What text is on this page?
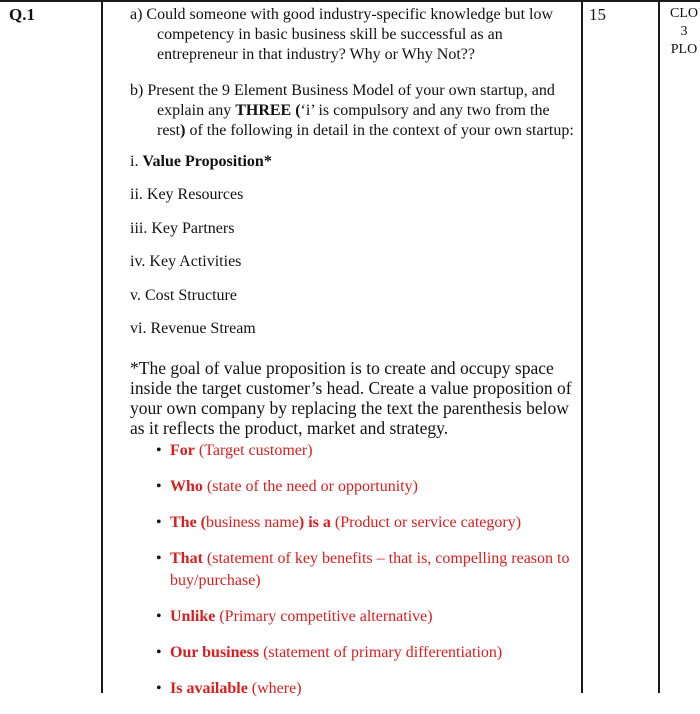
Q.1	15	CLO
3
PLO

a) Could someone with good industry-specific knowledge but low competency in basic business skill be successful as an entrepreneur in that industry? Why or Why Not??

b) Present the 9 Element Business Model of your own startup, and explain any THREE (‘i’ is compulsory and any two from the rest) of the following in detail in the context of your own startup:

i. Value Proposition*
ii. Key Resources
iii. Key Partners
iv. Key Activities
v. Cost Structure
vi. Revenue Stream
*The goal of value proposition is to create and occupy space inside the target customer’s head. Create a value proposition of your own company by replacing the text the parenthesis below as it reflects the product, market and strategy.
• For (Target customer)
• Who (state of the need or opportunity)
• The (business name) is a (Product or service category)
• That (statement of key benefits – that is, compelling reason to buy/purchase)
• Unlike (Primary competitive alternative)
• Our business (statement of primary differentiation)
• Is available (where)
